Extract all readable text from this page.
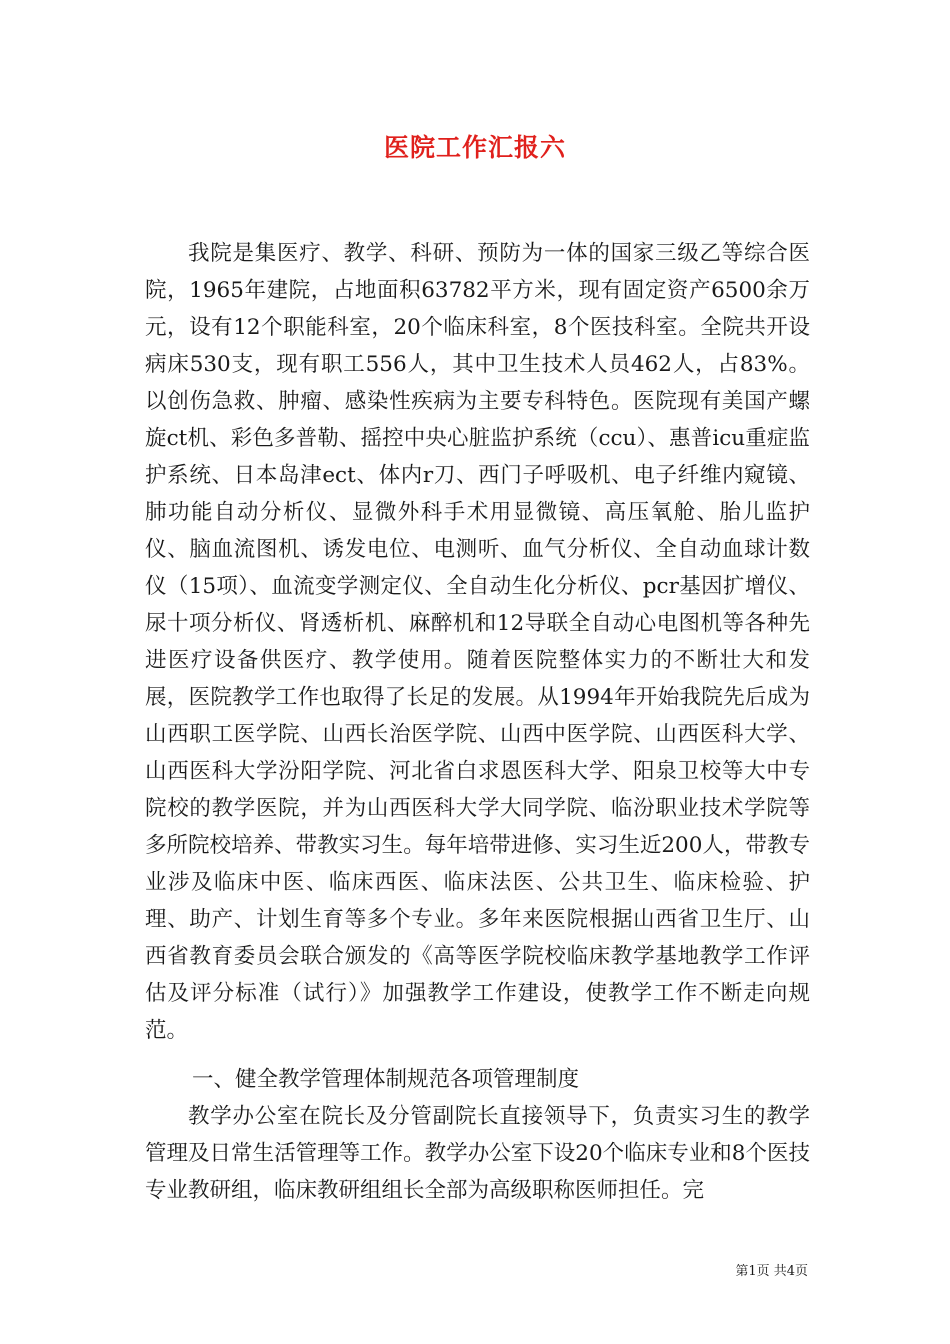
医院工作汇报六

我院是集医疗、教学、科研、预防为一体的国家三级乙等综合医院，1965年建院，占地面积63782平方米，现有固定资产6500余万元，设有12个职能科室，20个临床科室，8个医技科室。全院共开设病床530支，现有职工556人，其中卫生技术人员462人，占83%。以创伤急救、肿瘤、感染性疾病为主要专科特色。医院现有美国产螺旋ct机、彩色多普勒、摇控中央心脏监护系统（ccu）、惠普icu重症监护系统、日本岛津ect、体内r刀、西门子呼吸机、电子纤维内窥镜、肺功能自动分析仪、显微外科手术用显微镜、高压氧舱、胎儿监护仪、脑血流图机、诱发电位、电测听、血气分析仪、全自动血球计数仪（15项）、血流变学测定仪、全自动生化分析仪、pcr基因扩增仪、尿十项分析仪、肾透析机、麻醉机和12导联全自动心电图机等各种先进医疗设备供医疗、教学使用。随着医院整体实力的不断壮大和发展，医院教学工作也取得了长足的发展。从1994年开始我院先后成为山西职工医学院、山西长治医学院、山西中医学院、山西医科大学、山西医科大学汾阳学院、河北省白求恩医科大学、阳泉卫校等大中专院校的教学医院，并为山西医科大学大同学院、临汾职业技术学院等多所院校培养、带教实习生。每年培带进修、实习生近200人，带教专业涉及临床中医、临床西医、临床法医、公共卫生、临床检验、护理、助产、计划生育等多个专业。多年来医院根据山西省卫生厅、山西省教育委员会联合颁发的《高等医学院校临床教学基地教学工作评估及评分标准（试行）》加强教学工作建设，使教学工作不断走向规范。

一、健全教学管理体制规范各项管理制度

教学办公室在院长及分管副院长直接领导下，负责实习生的教学管理及日常生活管理等工作。教学办公室下设20个临床专业和8个医技专业教研组，临床教研组组长全部为高级职称医师担任。完

第1页 共4页
